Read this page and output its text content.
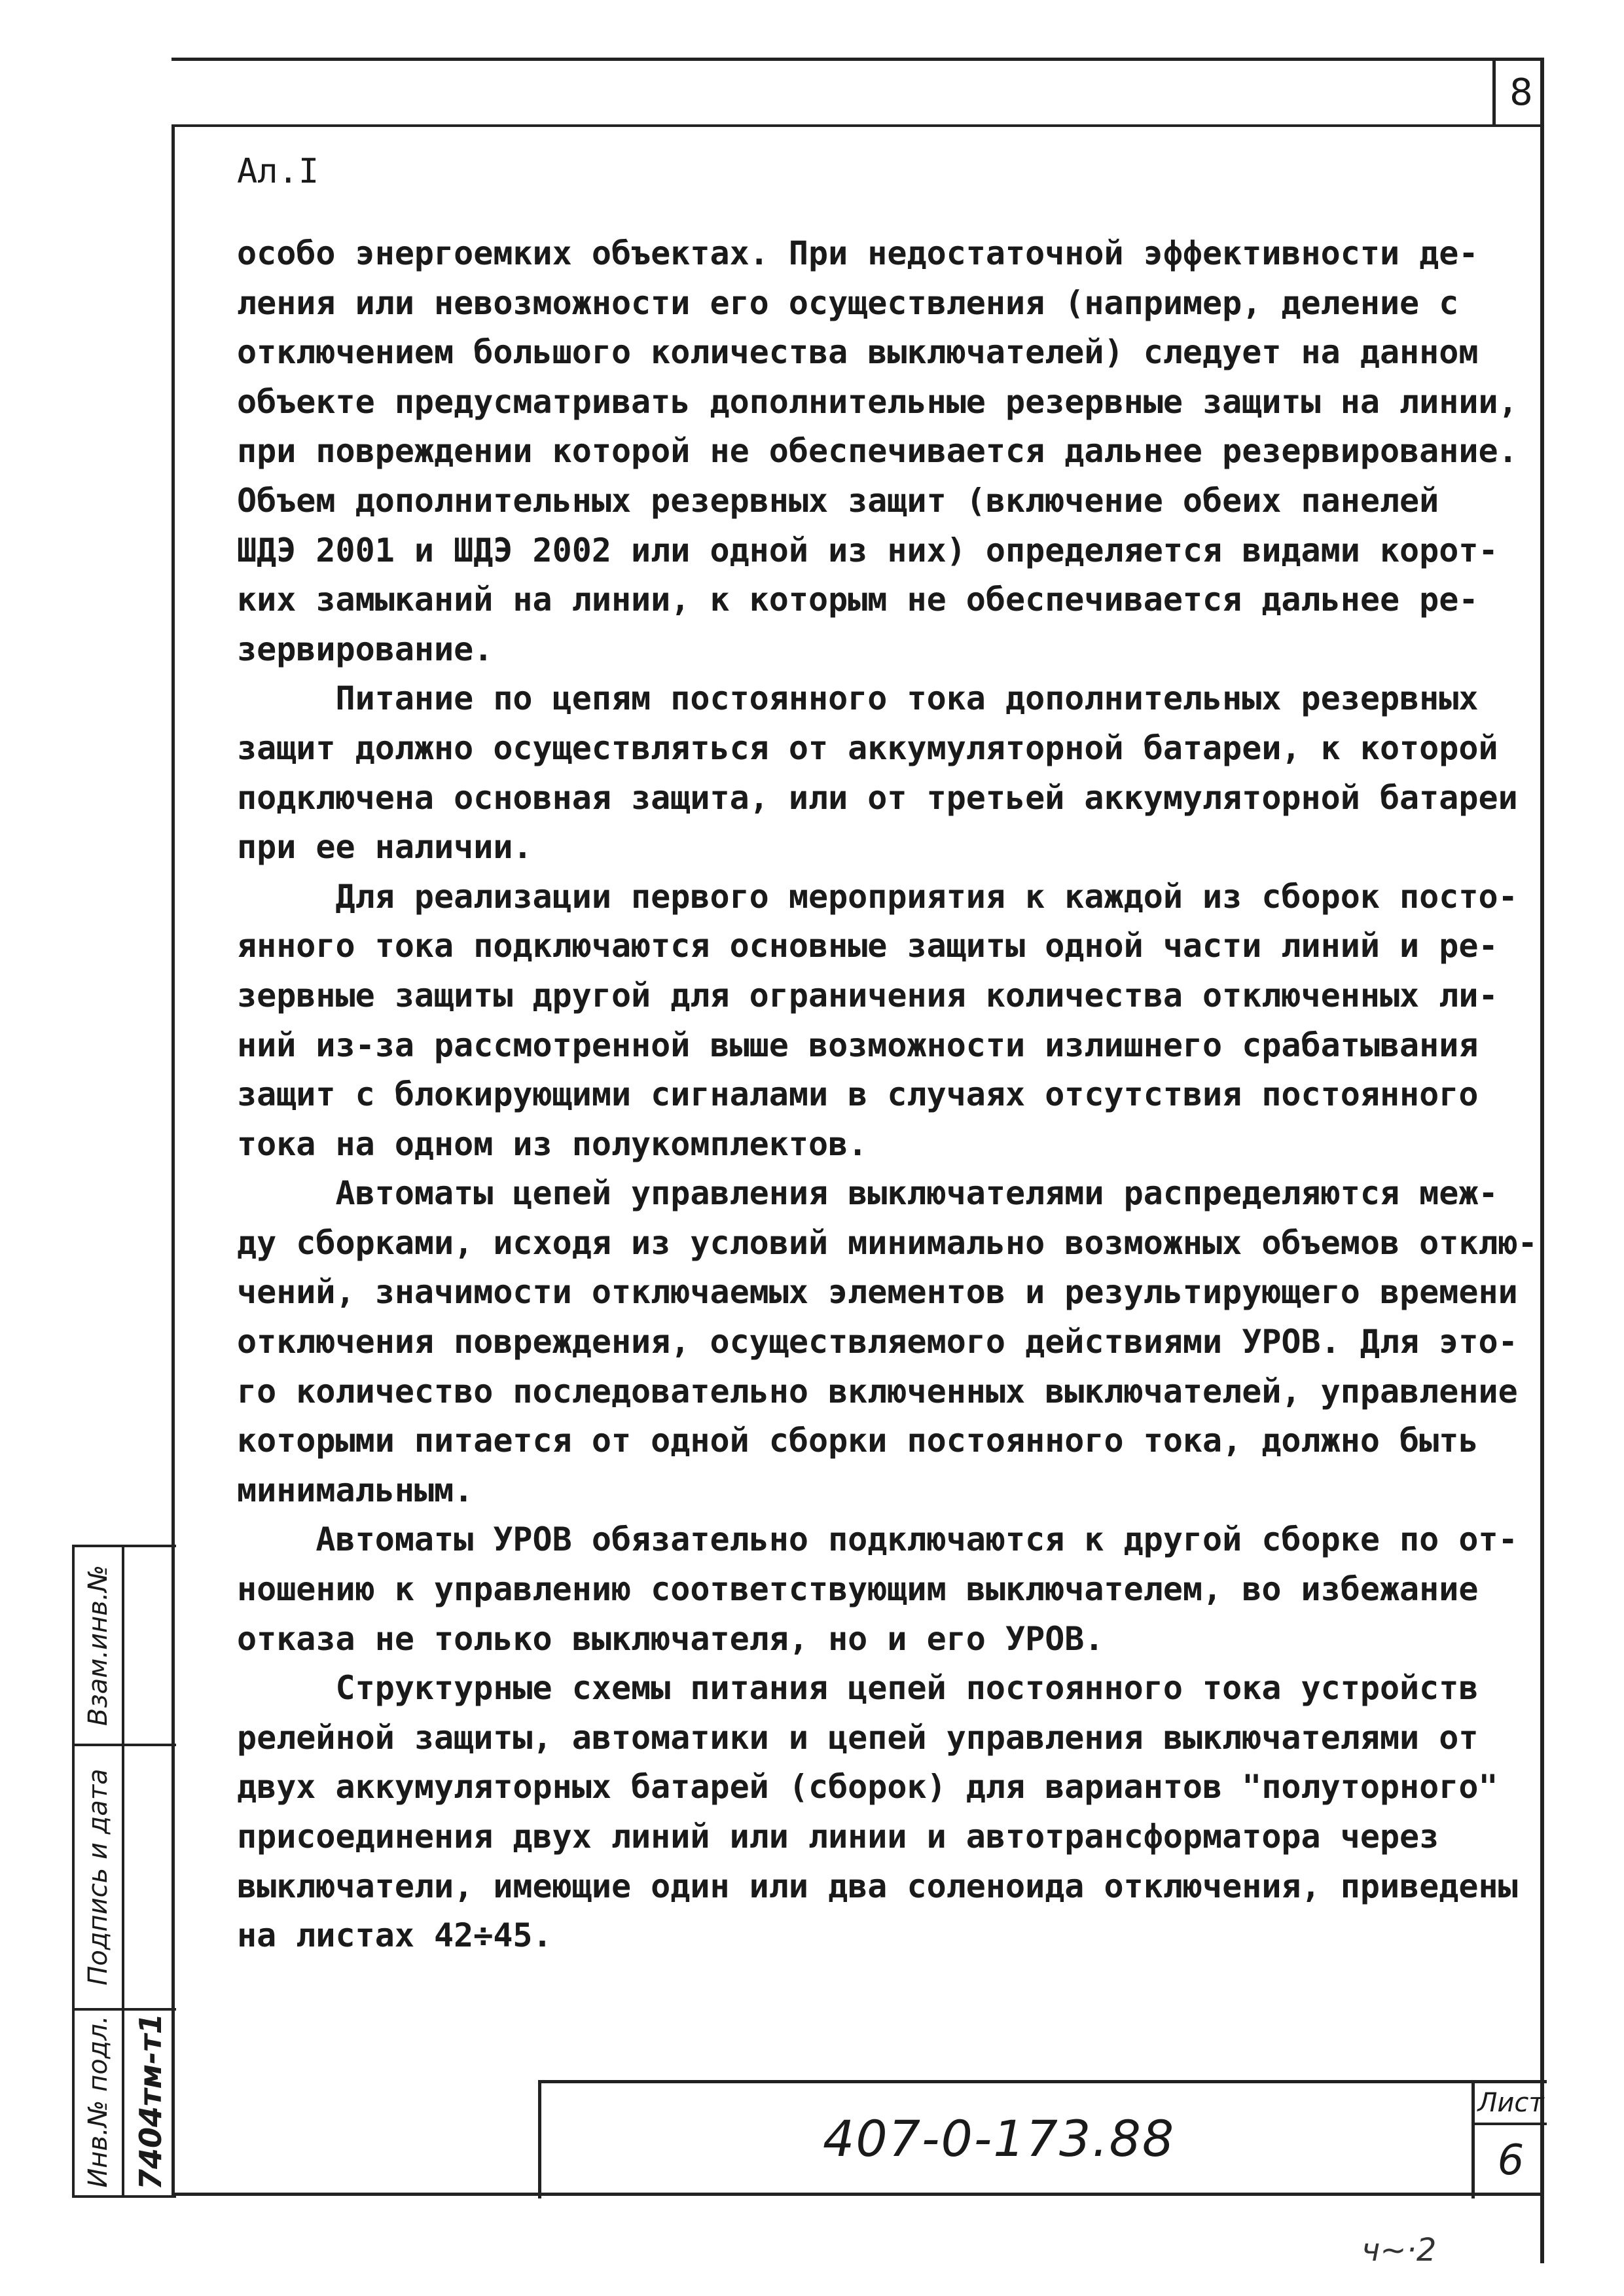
8
Ал.I
особо энергоемких объектах. При недостаточной эффективности де-
ления или невозможности его осуществления (например, деление с
отключением большого количества выключателей) следует на данном
объекте предусматривать дополнительные резервные защиты на линии,
при повреждении которой не обеспечивается дальнее резервирование.
Объем дополнительных резервных защит (включение обеих панелей
ШДЭ 2001 и ШДЭ 2002 или одной из них) определяется видами корот-
ких замыканий на линии, к которым не обеспечивается дальнее ре-
зервирование.
Питание по цепям постоянного тока дополнительных резервных
защит должно осуществляться от аккумуляторной батареи, к которой
подключена основная защита, или от третьей аккумуляторной батареи
при ее наличии.
Для реализации первого мероприятия к каждой из сборок посто-
янного тока подключаются основные защиты одной части линий и ре-
зервные защиты другой для ограничения количества отключенных ли-
ний из-за рассмотренной выше возможности излишнего срабатывания
защит с блокирующими сигналами в случаях отсутствия постоянного
тока на одном из полукомплектов.
Автоматы цепей управления выключателями распределяются меж-
ду сборками, исходя из условий минимально возможных объемов отклю-
чений, значимости отключаемых элементов и результирующего времени
отключения повреждения, осуществляемого действиями УРОВ. Для это-
го количество последовательно включенных выключателей, управление
которыми питается от одной сборки постоянного тока, должно быть
минимальным.
Автоматы УРОВ обязательно подключаются к другой сборке по от-
ношению к управлению соответствующим выключателем, во избежание
отказа не только выключателя, но и его УРОВ.
Структурные схемы питания цепей постоянного тока устройств
релейной защиты, автоматики и цепей управления выключателями от
двух аккумуляторных батарей (сборок) для вариантов "полуторного"
присоединения двух линий или линии и автотрансформатора через
выключатели, имеющие один или два соленоида отключения, приведены
на листах 42÷45.
Взам.инв.№
Подпись и дата
Инв.№ подл. 7404тм-т1	407-0-173.88
Лист
6
ч~·2
